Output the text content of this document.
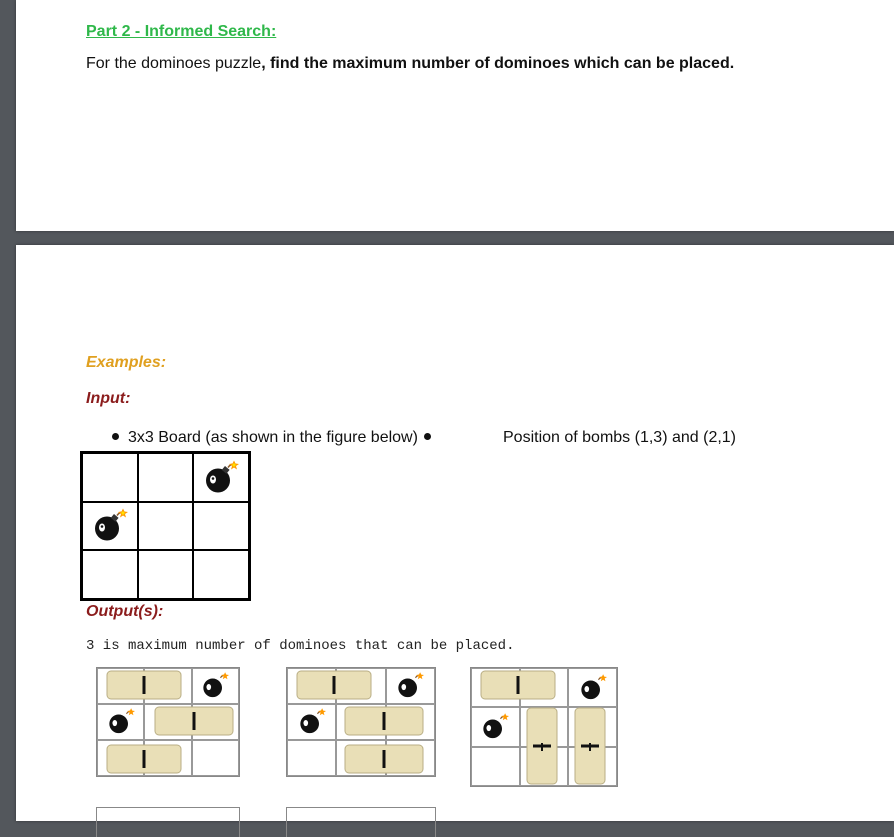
Part 2 - Informed Search:
For the dominoes puzzle, find the maximum number of dominoes which can be placed.
Examples:
Input:
3x3 Board (as shown in the figure below)	Position of bombs (1,3) and (2,1)
Output(s):
3 is maximum number of dominoes that can be placed.
